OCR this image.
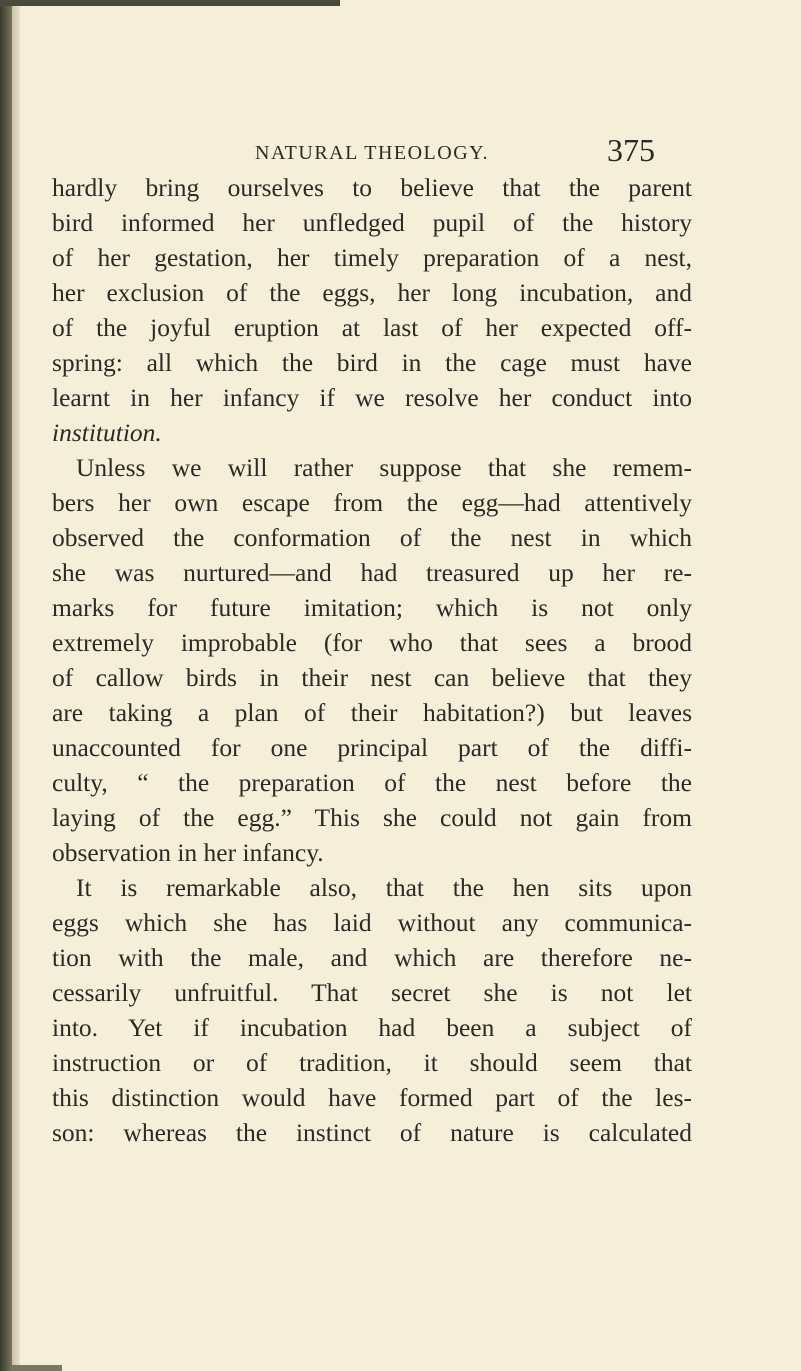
NATURAL THEOLOGY.	375
hardly bring ourselves to believe that the parent
bird informed her unfledged pupil of the history
of her gestation, her timely preparation of a nest,
her exclusion of the eggs, her long incubation, and
of the joyful eruption at last of her expected off-
spring: all which the bird in the cage must have
learnt in her infancy if we resolve her conduct into
institution.
Unless we will rather suppose that she remem-
bers her own escape from the egg—had attentively
observed the conformation of the nest in which
she was nurtured—and had treasured up her re-
marks for future imitation; which is not only
extremely improbable (for who that sees a brood
of callow birds in their nest can believe that they
are taking a plan of their habitation?) but leaves
unaccounted for one principal part of the diffi-
culty, “ the preparation of the nest before the
laying of the egg.” This she could not gain from
observation in her infancy.
It is remarkable also, that the hen sits upon
eggs which she has laid without any communica-
tion with the male, and which are therefore ne-
cessarily unfruitful. That secret she is not let
into. Yet if incubation had been a subject of
instruction or of tradition, it should seem that
this distinction would have formed part of the les-
son: whereas the instinct of nature is calculated
